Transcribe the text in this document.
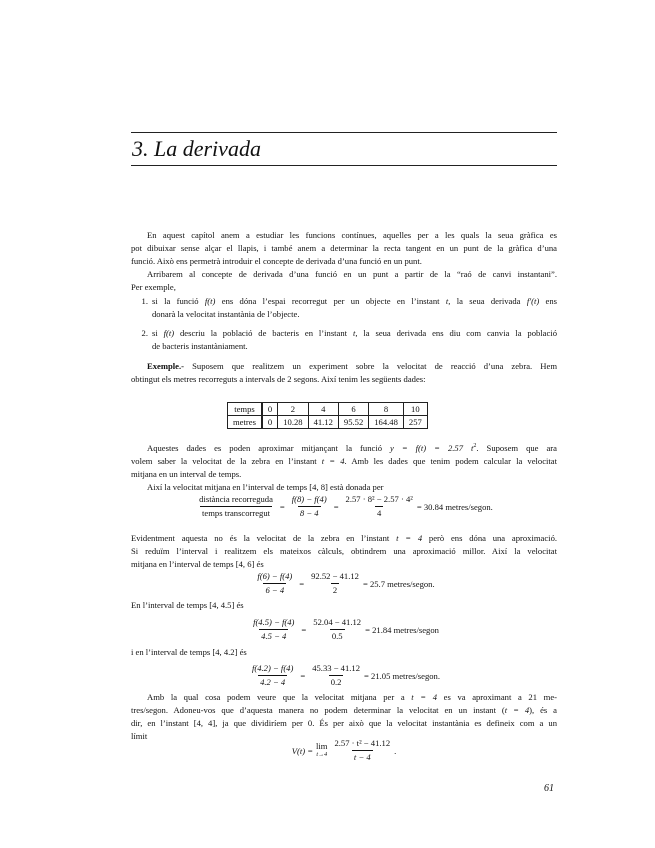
3. La derivada
En aquest capítol anem a estudiar les funcions contínues, aquelles per a les quals la seua gràfica es
pot dibuixar sense alçar el llapis, i també anem a determinar la recta tangent en un punt de la gràfica d’una
funció. Això ens permetrà introduir el concepte de derivada d’una funció en un punt.
Arribarem al concepte de derivada d’una funció en un punt a partir de la “raó de canvi instantani”.
Per exemple,
1. si la funció f(t) ens dóna l’espai recorregut per un objecte en l’instant t, la seua derivada f′(t) ens
donarà la velocitat instantània de l’objecte.
2. si f(t) descriu la població de bacteris en l’instant t, la seua derivada ens diu com canvia la població
de bacteris instantàniament.
Exemple.- Suposem que realitzem un experiment sobre la velocitat de reacció d’una zebra. Hem
obtingut els metres recorreguts a intervals de 2 segons. Així tenim les següents dades:
temps	0	2	4	6	8	10
metres	0	10.28	41.12	95.52	164.48	257
Aquestes dades es poden aproximar mitjançant la funció y = f(t) = 2.57 $t^2$. Suposem que ara
volem saber la velocitat de la zebra en l’instant t = 4. Amb les dades que tenim podem calcular la velocitat
mitjana en un interval de temps.
Així la velocitat mitjana en l’interval de temps [4, 8] està donada per
$\frac{\text{distància recorreguda}}{\text{temps transcorregut}} = \frac{f(8) - f(4)}{8 - 4} = \frac{\text{2.57 · 8² − 2.57 · 4²}}{4} = 30.84$ metres/segon.
Evidentment aquesta no és la velocitat de la zebra en l’instant t = 4 però ens dóna una aproximació.
Si reduïm l’interval i realitzem els mateixos càlculs, obtindrem una aproximació millor. Així la velocitat
mitjana en l’interval de temps [4, 6] és
$\frac{f(6) - f(4)}{6 - 4} = \frac{92.52 - 41.12}{2} = 25.7$ metres/segon.
En l’interval de temps [4, 4.5] és
$\frac{f(4.5) - f(4)}{4.5 - 4} = \frac{52.04 - 41.12}{0.5} = 21.84$ metres/segon
i en l’interval de temps [4, 4.2] és
$\frac{f(4.2) - f(4)}{4.2 - 4} = \frac{45.33 - 41.12}{0.2} = 21.05$ metres/segon.
Amb la qual cosa podem veure que la velocitat mitjana per a t = 4 es va aproximant a 21 me-
tres/segon. Adoneu-vos que d’aquesta manera no podem determinar la velocitat en un instant (t = 4), és a
dir, en l’instant [4, 4], ja que dividiríem per 0. És per això que la velocitat instantània es defineix com a un
límit
V(t) = lim
$t\to 4 \frac{\text{2.57 · t² − 41.12}}{t - 4}$ .
61
